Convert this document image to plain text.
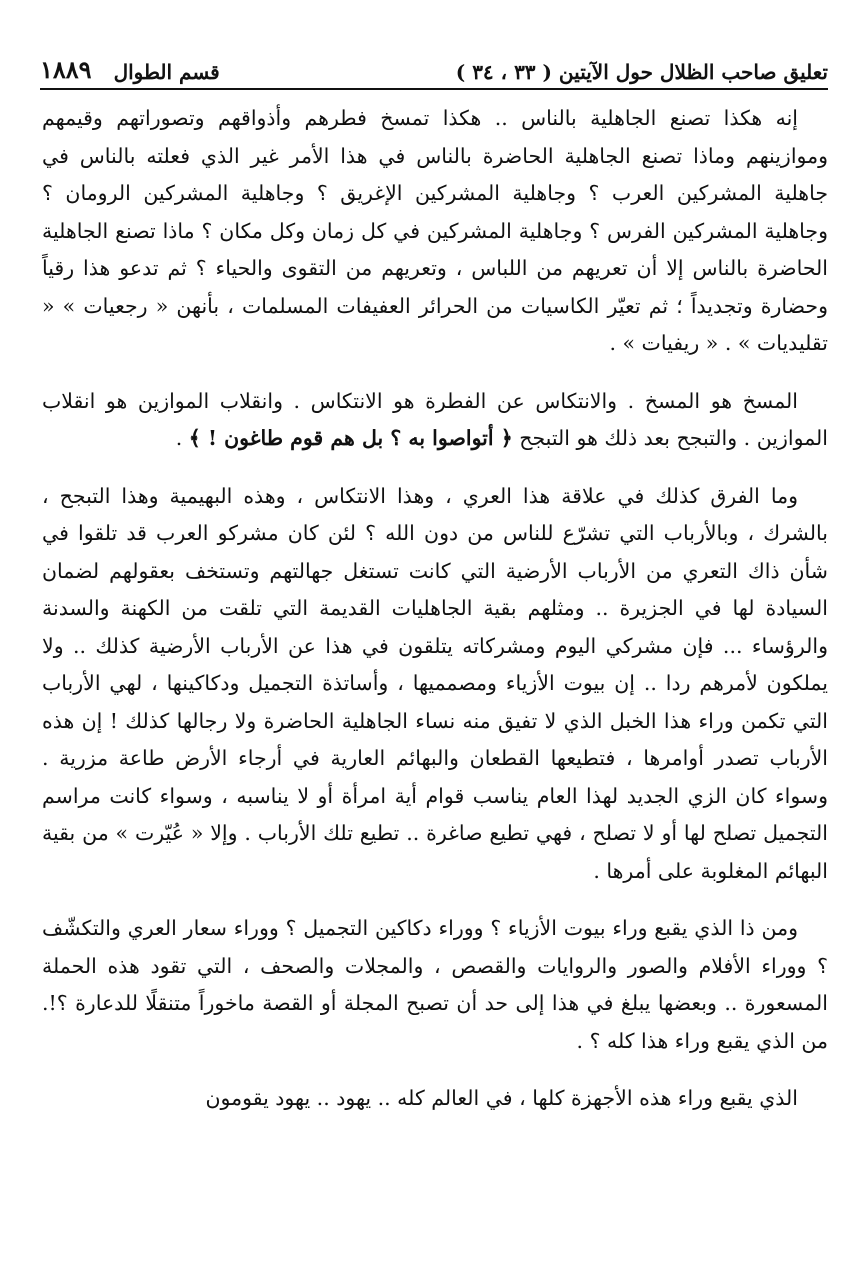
تعليق صاحب الظلال حول الآيتين ( ٣٣ ، ٣٤ )
قسم الطوال
١٨٨٩

إنه هكذا تصنع الجاهلية بالناس .. هكذا تمسخ فطرهم وأذواقهم وتصوراتهم وقيمهم وموازينهم وماذا تصنع الجاهلية الحاضرة بالناس في هذا الأمر غير الذي فعلته بالناس في جاهلية المشركين العرب ؟ وجاهلية المشركين الإغريق ؟ وجاهلية المشركين الرومان ؟ وجاهلية المشركين الفرس ؟ وجاهلية المشركين في كل زمان وكل مكان ؟ ماذا تصنع الجاهلية الحاضرة بالناس إلا أن تعريهم من اللباس ، وتعريهم من التقوى والحياء ؟ ثم تدعو هذا رقياً وحضارة وتجديداً ؛ ثم تعيّر الكاسيات من الحرائر العفيفات المسلمات ، بأنهن « رجعيات » « تقليديات » . « ريفيات » .

المسخ هو المسخ . والانتكاس عن الفطرة هو الانتكاس . وانقلاب الموازين هو انقلاب الموازين . والتبجح بعد ذلك هو التبجح ﴿ أتواصوا به ؟ بل هم قوم طاغون ! ﴾ .

وما الفرق كذلك في علاقة هذا العري ، وهذا الانتكاس ، وهذه البهيمية وهذا التبجح ، بالشرك ، وبالأرباب التي تشرّع للناس من دون الله ؟ لئن كان مشركو العرب قد تلقوا في شأن ذاك التعري من الأرباب الأرضية التي كانت تستغل جهالتهم وتستخف بعقولهم لضمان السيادة لها في الجزيرة .. ومثلهم بقية الجاهليات القديمة التي تلقت من الكهنة والسدنة والرؤساء ... فإن مشركي اليوم ومشركاته يتلقون في هذا عن الأرباب الأرضية كذلك .. ولا يملكون لأمرهم ردا .. إن بيوت الأزياء ومصمميها ، وأساتذة التجميل ودكاكينها ، لهي الأرباب التي تكمن وراء هذا الخبل الذي لا تفيق منه نساء الجاهلية الحاضرة ولا رجالها كذلك ! إن هذه الأرباب تصدر أوامرها ، فتطيعها القطعان والبهائم العارية في أرجاء الأرض طاعة مزرية . وسواء كان الزي الجديد لهذا العام يناسب قوام أية امرأة أو لا يناسبه ، وسواء كانت مراسم التجميل تصلح لها أو لا تصلح ، فهي تطيع صاغرة .. تطيع تلك الأرباب . وإلا « عُيّرت » من بقية البهائم المغلوبة على أمرها .

ومن ذا الذي يقبع وراء بيوت الأزياء ؟ ووراء دكاكين التجميل ؟ ووراء سعار العري والتكشّف ؟ ووراء الأفلام والصور والروايات والقصص ، والمجلات والصحف ، التي تقود هذه الحملة المسعورة .. وبعضها يبلغ في هذا إلى حد أن تصبح المجلة أو القصة ماخوراً متنقلًا للدعارة ؟!. من الذي يقبع وراء هذا كله ؟ .

الذي يقبع وراء هذه الأجهزة كلها ، في العالم كله .. يهود .. يهود يقومون
